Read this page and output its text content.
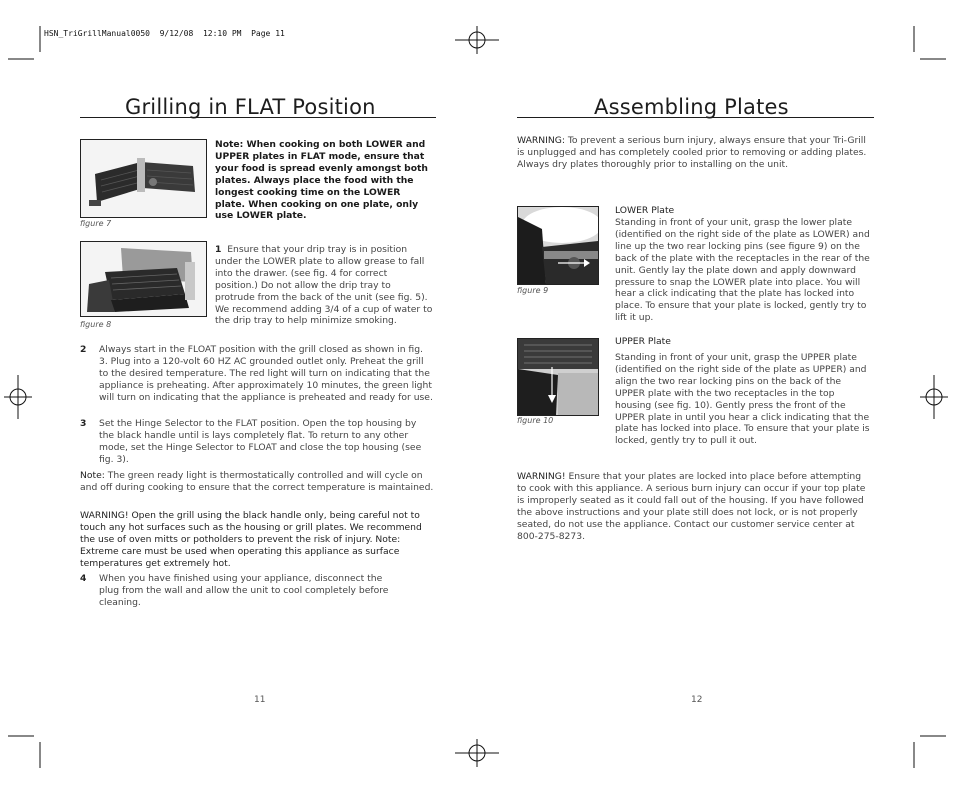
HSN_TriGrillManual0050  9/12/08  12:10 PM  Page 11
Grilling in FLAT Position
figure 7
Note: When cooking on both LOWER and UPPER plates in FLAT mode, ensure that your food is spread evenly amongst both plates. Always place the food with the longest cooking time on the LOWER plate. When cooking on one plate, only use LOWER plate.
figure 8
1 Ensure that your drip tray is in position under the LOWER plate to allow grease to fall into the drawer. (see fig. 4 for correct position.) Do not allow the drip tray to protrude from the back of the unit (see fig. 5). We recommend adding 3/4 of a cup of water to the drip tray to help minimize smoking.
2 Always start in the FLOAT position with the grill closed as shown in fig. 3. Plug into a 120-volt 60 HZ AC grounded outlet only. Preheat the grill to the desired temperature. The red light will turn on indicating that the appliance is preheating. After approximately 10 minutes, the green light will turn on indicating that the appliance is preheated and ready for use.
3 Set the Hinge Selector to the FLAT position. Open the top housing by the black handle until is lays completely flat. To return to any other mode, set the Hinge Selector to FLOAT and close the top housing (see fig. 3).
Note: The green ready light is thermostatically controlled and will cycle on and off during cooking to ensure that the correct temperature is maintained.
WARNING! Open the grill using the black handle only, being careful not to touch any hot surfaces such as the housing or grill plates. We recommend the use of oven mitts or potholders to prevent the risk of injury. Note: Extreme care must be used when operating this appliance as surface temperatures get extremely hot.
4 When you have finished using your appliance, disconnect the plug from the wall and allow the unit to cool completely before cleaning.
11
Assembling Plates
WARNING: To prevent a serious burn injury, always ensure that your Tri-Grill is unplugged and has completely cooled prior to removing or adding plates. Always dry plates thoroughly prior to installing on the unit.
figure 9
LOWER Plate
Standing in front of your unit, grasp the lower plate (identified on the right side of the plate as LOWER) and line up the two rear locking pins (see figure 9) on the back of the plate with the receptacles in the rear of the unit. Gently lay the plate down and apply downward pressure to snap the LOWER plate into place. You will hear a click indicating that the plate has locked into place. To ensure that your plate is locked, gently try to lift it up.
figure 10
UPPER Plate
Standing in front of your unit, grasp the UPPER plate (identified on the right side of the plate as UPPER) and align the two rear locking pins on the back of the UPPER plate with the two receptacles in the top housing (see fig. 10). Gently press the front of the UPPER plate in until you hear a click indicating that the plate has locked into place. To ensure that your plate is locked, gently try to pull it out.
WARNING! Ensure that your plates are locked into place before attempting to cook with this appliance. A serious burn injury can occur if your top plate is improperly seated as it could fall out of the housing. If you have followed the above instructions and your plate still does not lock, or is not properly seated, do not use the appliance. Contact our customer service center at 800-275-8273.
12
